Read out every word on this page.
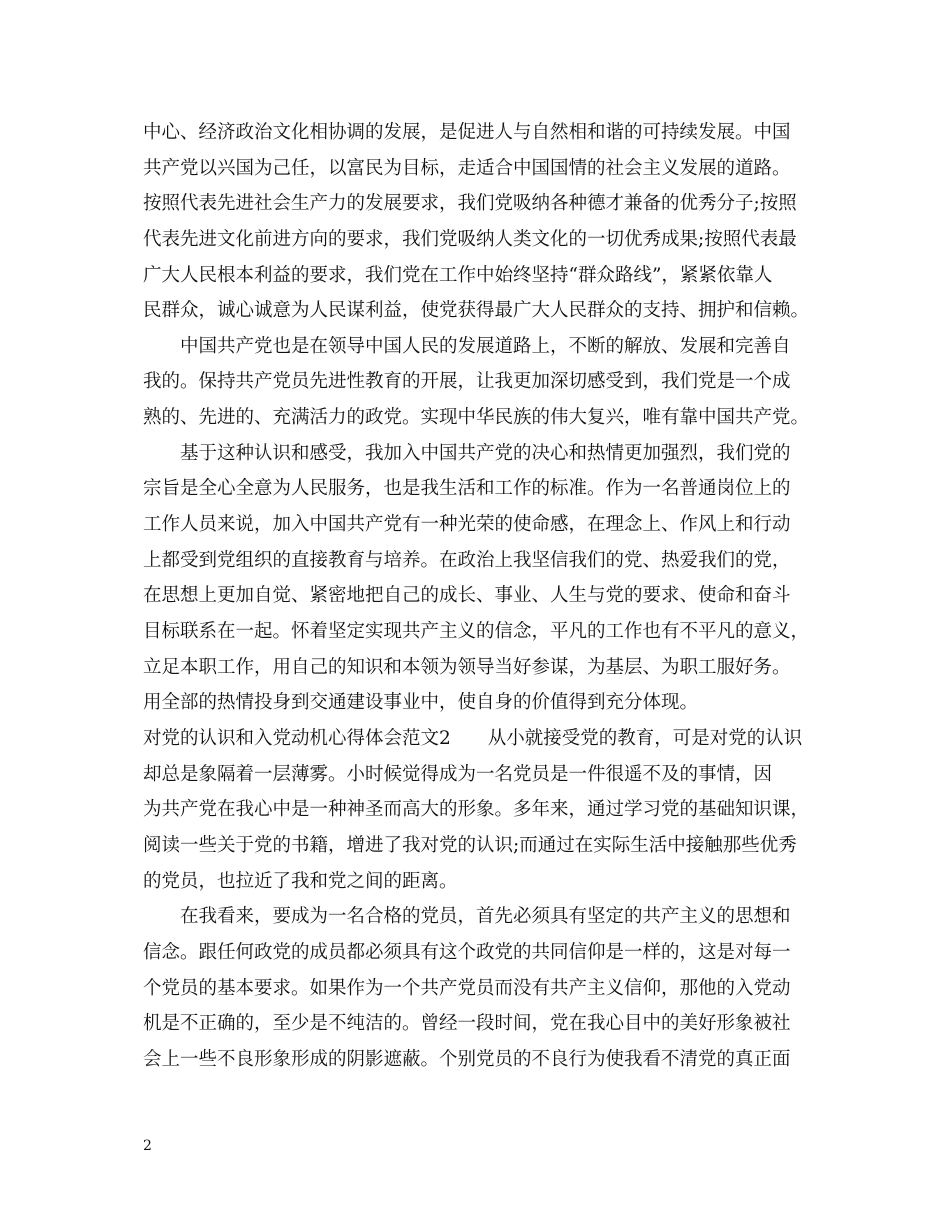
中心、经济政治文化相协调的发展，是促进人与自然相和谐的可持续发展。中国
共产党以兴国为己任，以富民为目标，走适合中国国情的社会主义发展的道路。
按照代表先进社会生产力的发展要求，我们党吸纳各种德才兼备的优秀分子;按照
代表先进文化前进方向的要求，我们党吸纳人类文化的一切优秀成果;按照代表最
广大人民根本利益的要求，我们党在工作中始终坚持“群众路线”，紧紧依靠人
民群众，诚心诚意为人民谋利益，使党获得最广大人民群众的支持、拥护和信赖。
　　中国共产党也是在领导中国人民的发展道路上，不断的解放、发展和完善自
我的。保持共产党员先进性教育的开展，让我更加深切感受到，我们党是一个成
熟的、先进的、充满活力的政党。实现中华民族的伟大复兴，唯有靠中国共产党。
　　基于这种认识和感受，我加入中国共产党的决心和热情更加强烈，我们党的
宗旨是全心全意为人民服务，也是我生活和工作的标准。作为一名普通岗位上的
工作人员来说，加入中国共产党有一种光荣的使命感，在理念上、作风上和行动
上都受到党组织的直接教育与培养。在政治上我坚信我们的党、热爱我们的党，
在思想上更加自觉、紧密地把自己的成长、事业、人生与党的要求、使命和奋斗
目标联系在一起。怀着坚定实现共产主义的信念，平凡的工作也有不平凡的意义，
立足本职工作，用自己的知识和本领为领导当好参谋，为基层、为职工服好务。
用全部的热情投身到交通建设事业中，使自身的价值得到充分体现。
对党的认识和入党动机心得体会范文2　　从小就接受党的教育，可是对党的认识
却总是象隔着一层薄雾。小时候觉得成为一名党员是一件很遥不及的事情，因
为共产党在我心中是一种神圣而高大的形象。多年来，通过学习党的基础知识课，
阅读一些关于党的书籍，增进了我对党的认识;而通过在实际生活中接触那些优秀
的党员，也拉近了我和党之间的距离。
　　在我看来，要成为一名合格的党员，首先必须具有坚定的共产主义的思想和
信念。跟任何政党的成员都必须具有这个政党的共同信仰是一样的，这是对每一
个党员的基本要求。如果作为一个共产党员而没有共产主义信仰，那他的入党动
机是不正确的，至少是不纯洁的。曾经一段时间，党在我心目中的美好形象被社
会上一些不良形象形成的阴影遮蔽。个别党员的不良行为使我看不清党的真正面
2
